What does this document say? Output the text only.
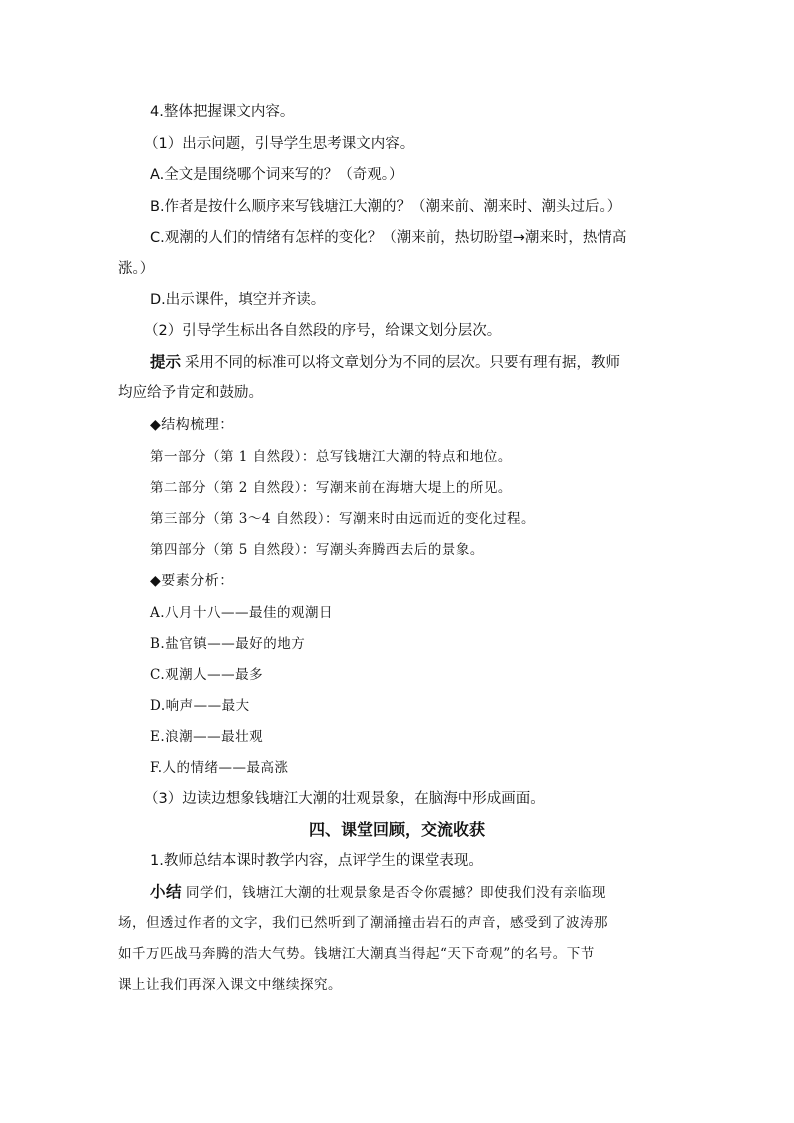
4.整体把握课文内容。
（1）出示问题，引导学生思考课文内容。
A.全文是围绕哪个词来写的？（奇观。）
B.作者是按什么顺序来写钱塘江大潮的？（潮来前、潮来时、潮头过后。）
C.观潮的人们的情绪有怎样的变化？（潮来前，热切盼望→潮来时，热情高
涨。）
D.出示课件，填空并齐读。
（2）引导学生标出各自然段的序号，给课文划分层次。
提示 采用不同的标准可以将文章划分为不同的层次。只要有理有据，教师
均应给予肯定和鼓励。
◆结构梳理：
第一部分（第 1 自然段）：总写钱塘江大潮的特点和地位。
第二部分（第 2 自然段）：写潮来前在海塘大堤上的所见。
第三部分（第 3～4 自然段）：写潮来时由远而近的变化过程。
第四部分（第 5 自然段）：写潮头奔腾西去后的景象。
◆要素分析：
A.八月十八——最佳的观潮日
B.盐官镇——最好的地方
C.观潮人——最多
D.响声——最大
E.浪潮——最壮观
F.人的情绪——最高涨
（3）边读边想象钱塘江大潮的壮观景象，在脑海中形成画面。
四、课堂回顾，交流收获
1.教师总结本课时教学内容，点评学生的课堂表现。
小结 同学们，钱塘江大潮的壮观景象是否令你震撼？即使我们没有亲临现
场，但透过作者的文字，我们已然听到了潮涌撞击岩石的声音，感受到了波涛那
如千万匹战马奔腾的浩大气势。钱塘江大潮真当得起“天下奇观”的名号。下节
课上让我们再深入课文中继续探究。
